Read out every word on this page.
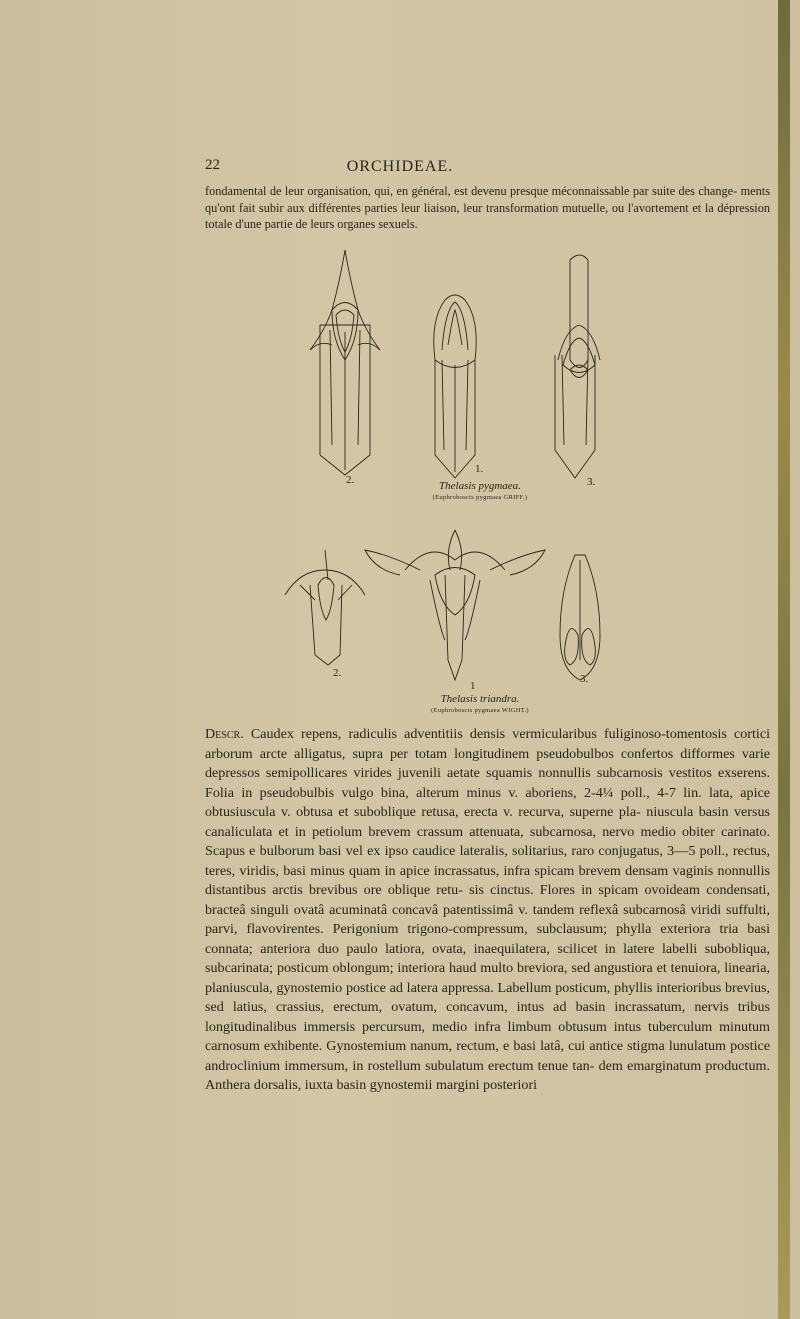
22	ORCHIDEAE.
fondamental de leur organisation, qui, en général, est devenu presque méconnaissable par suite des change- ments qu'ont fait subir aux différentes parties leur liaison, leur transformation mutuelle, ou l'avortement et la dépression totale d'une partie de leurs organes sexuels.
2.
1.
3.
Thelasis pygmaea.
(Euphroboscis pygmaea GRIFF.)
2.
1
3.
Thelasis triandra.
(Euphroboscis pygmaea WIGHT.)
Descr. Caudex repens, radiculis adventitiis densis vermicularibus fuliginoso-tomentosis cortici arborum arcte alligatus, supra per totam longitudinem pseudobulbos confertos difformes varie depressos semipollicares virides juvenili aetate squamis nonnullis subcarnosis vestitos exserens. Folia in pseudobulbis vulgo bina, alterum minus v. aboriens, 2-4¼ poll., 4-7 lin. lata, apice obtusiuscula v. obtusa et suboblique retusa, erecta v. recurva, superne pla- niuscula basin versus canaliculata et in petiolum brevem crassum attenuata, subcarnosa, nervo medio obiter carinato. Scapus e bulborum basi vel ex ipso caudice lateralis, solitarius, raro conjugatus, 3—5 poll., rectus, teres, viridis, basi minus quam in apice incrassatus, infra spicam brevem densam vaginis nonnullis distantibus arctis brevibus ore oblique retu- sis cinctus. Flores in spicam ovoideam condensati, bracteâ singuli ovatâ acuminatâ concavâ patentissimâ v. tandem reflexâ subcarnosâ viridi suffulti, parvi, flavovirentes. Perigonium trigono-compressum, subclausum; phylla exteriora tria basi connata; anteriora duo paulo latiora, ovata, inaequilatera, scilicet in latere labelli subobliqua, subcarinata; posticum oblongum; interiora haud multo breviora, sed angustiora et tenuiora, linearia, planiuscula, gynostemio postice ad latera appressa. Labellum posticum, phyllis interioribus brevius, sed latius, crassius, erectum, ovatum, concavum, intus ad basin incrassatum, nervis tribus longitudinalibus immersis percursum, medio infra limbum obtusum intus tuberculum minutum carnosum exhibente. Gynostemium nanum, rectum, e basi latâ, cui antice stigma lunulatum postice androclinium immersum, in rostellum subulatum erectum tenue tan- dem emarginatum productum. Anthera dorsalis, iuxta basin gynostemii margini posteriori
